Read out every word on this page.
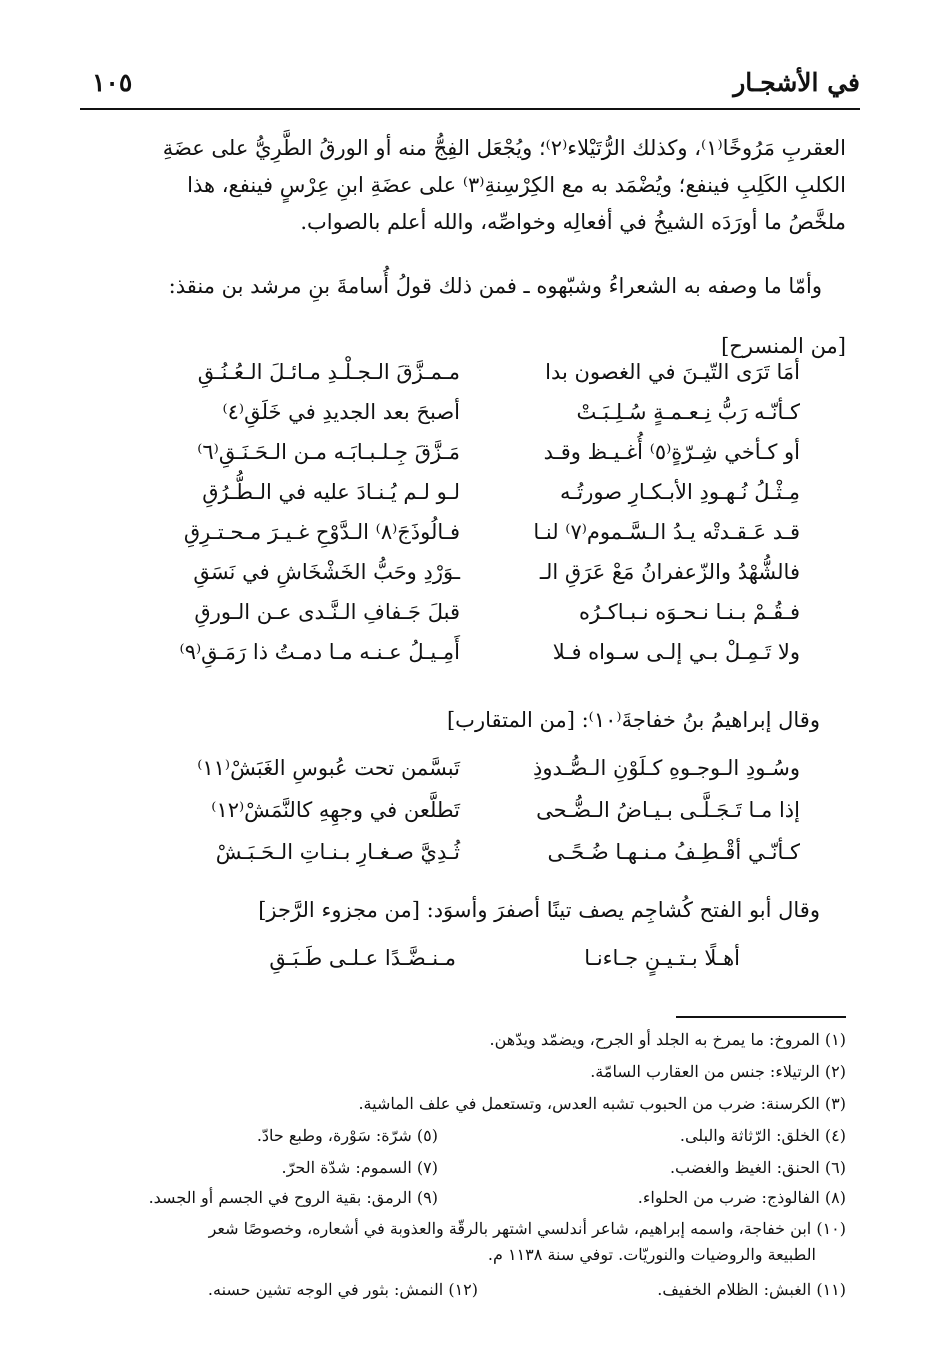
في الأشجـار
١٠٥

العقربِ مَرُوخًا⁽١⁾، وكذلك الرُّتَيْلاء⁽٢⁾؛ ويُجْعَل الفِجُّ منه أو الورقُ الطَّرِيُّ على عضَةِ

الكلبِ الكَلِبِ فينفع؛ ويُضْمَد به مع الكِرْسِنةِ⁽٣⁾ على عضَةِ ابنِ عِرْسٍ فينفع، هذا

ملخَّصُ ما أورَدَه الشيخُ في أفعالِه وخواصِّه، والله أعلم بالصواب.

وأمّا ما وصفه به الشعراءُ وشبّهوه ـ فمن ذلك قولُ أُسامةَ بنِ مرشد بن منقذ:

[من المنسرح]
أمَا تَرَى التّيـنَ في الغصون بدا
مـمـزَّقَ الـجـلْـدِ مـائـلَ الـعُـنُـقِ
كـأنّـه رَبُّ نِـعـمـةٍ سُـلِـبَـتْ
أصبحَ بعد الجديدِ في خَلَقِ⁽٤⁾
أو كـأخي شِـرّةٍ⁽٥⁾ أُغـيـظ وقـد
مَـزَّقَ جِـلـبـابَـه مـن الـحَـنَـقِ⁽٦⁾
مِـثْـلُ نُـهـودِ الأبـكـارِ صورتُـه
لـو لـم يُـنـادَ عليه في الـطُّـرُقِ
قـد عَـقـدتْه يـدُ الـسَّـموم⁽٧⁾ لنـا
فـالُوذَجَ⁽٨⁾ الـدَّوْحِ غـيـرَ مـحـتـرِقِ
فالشُّهْدُ والزّعفرانُ مَعْ عَرَقِ الـ
ـوَرْدِ وحَبُّ الخَشْخَاشِ في نَسَقِ
فـقُـمْ بـنـا نـحـوَه نـبـاكـرُه
قبلَ جَـفافِ الـنَّـدى عـن الـورقِ
ولا تَـمِـلْ بـي إلـى سـواه فـلا
أَمِـيـلُ عـنـه مـا دمـتُ ذا رَمَـقِ⁽٩⁾
وقال إبراهيمُ بنُ خفاجةَ⁽١٠⁾: [من المتقارب]
وسُـودِ الـوجـوهِ كـلَوْنِ الـصُّـدوذِ
تَبسَّمن تحت عُبوسِ الغَبَشْ⁽١١⁾
إذا مـا تَـجَـلَّـى بـيـاضُ الـضُّـحى
تَطلَّعن في وجهِهِ كالنَّمَشْ⁽١٢⁾
كـأنّـي أقْـطِـفُ مـنـهـا ضُـحًـى
ثُـدِيَّ صـغـارِ بـنـاتِ الـحَـبَـشْ
وقال أبو الفتح كُشاجِم يصف تينًا أصفرَ وأسوَد: [من مجزوء الرَّجز]
أهـلًا بـتـيـنٍ جـاءنـا
مـنـضَّـدًا عـلـى طَـبَـقِ
(١) المروخ: ما يمرخ به الجلد أو الجرح، ويضمّد ويدّهن.
(٢) الرتيلاء: جنس من العقارب السامّة.
(٣) الكرسنة: ضرب من الحبوب تشبه العدس، وتستعمل في علف الماشية.
(٤) الخلق: الرّثاثة والبلى.
(٥) شرّة: سَوْرة، وطبع حادّ.
(٦) الحنق: الغيظ والغضب.
(٧) السموم: شدّة الحرّ.
(٨) الفالوذج: ضرب من الحلواء.
(٩) الرمق: بقية الروح في الجسم أو الجسد.
(١٠) ابن خفاجة، واسمه إبراهيم، شاعر أندلسي اشتهر بالرقّة والعذوبة في أشعاره، وخصوصًا شعر
الطبيعة والروضيات والنوريّات. توفي سنة ١١٣٨ م.
(١١) الغبش: الظلام الخفيف.
(١٢) النمش: بثور في الوجه تشين حسنه.
